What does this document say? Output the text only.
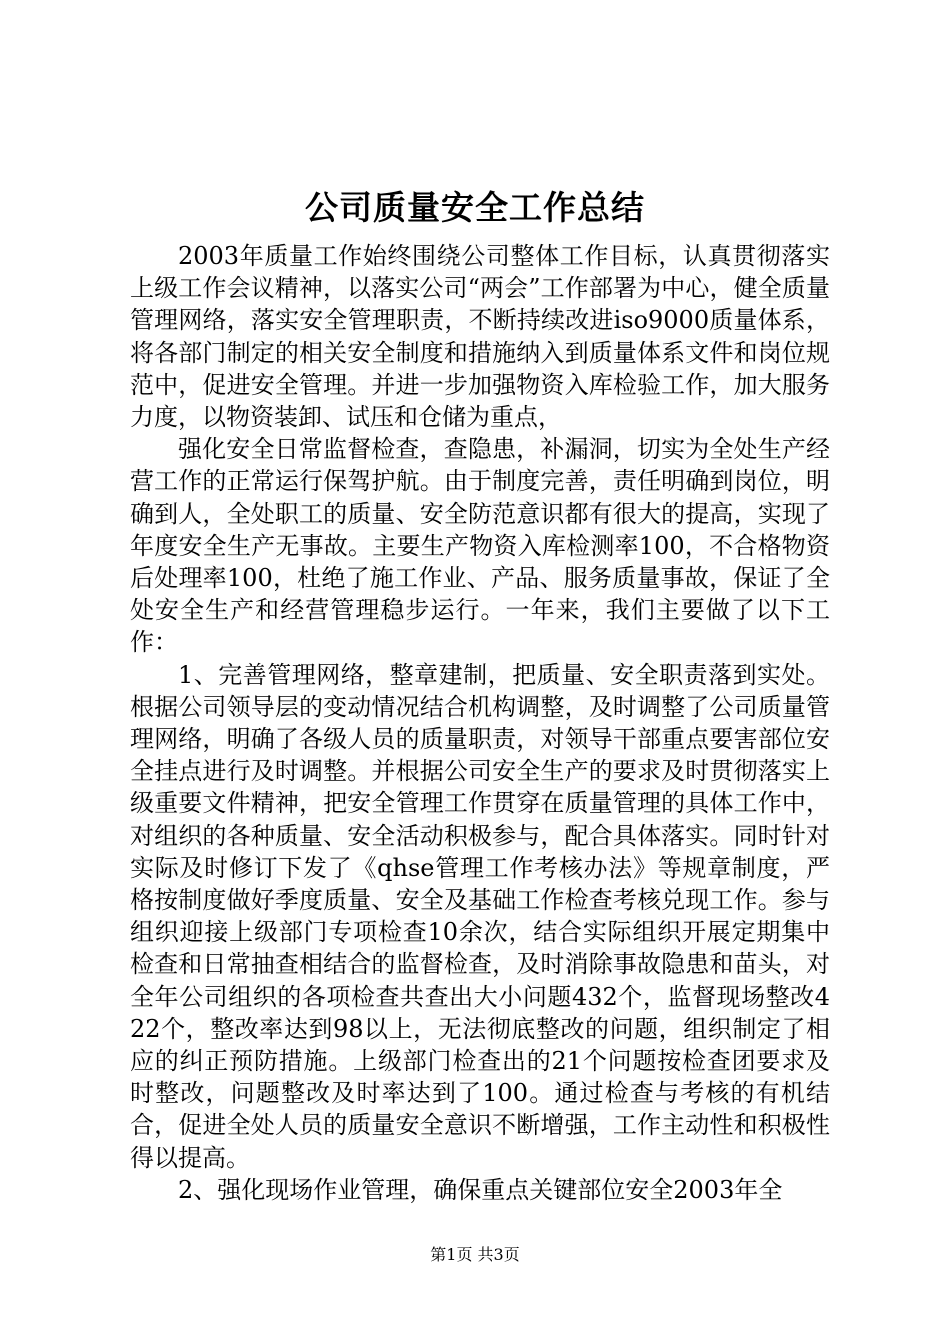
公司质量安全工作总结

2003年质量工作始终围绕公司整体工作目标，认真贯彻落实上级工作会议精神，以落实公司“两会”工作部署为中心，健全质量管理网络，落实安全管理职责，不断持续改进iso9000质量体系，将各部门制定的相关安全制度和措施纳入到质量体系文件和岗位规范中，促进安全管理。并进一步加强物资入库检验工作，加大服务力度，以物资装卸、试压和仓储为重点，

强化安全日常监督检查，查隐患，补漏洞，切实为全处生产经营工作的正常运行保驾护航。由于制度完善，责任明确到岗位，明确到人，全处职工的质量、安全防范意识都有很大的提高，实现了年度安全生产无事故。主要生产物资入库检测率100，不合格物资后处理率100，杜绝了施工作业、产品、服务质量事故，保证了全处安全生产和经营管理稳步运行。一年来，我们主要做了以下工作：

1、完善管理网络，整章建制，把质量、安全职责落到实处。根据公司领导层的变动情况结合机构调整，及时调整了公司质量管理网络，明确了各级人员的质量职责，对领导干部重点要害部位安全挂点进行及时调整。并根据公司安全生产的要求及时贯彻落实上级重要文件精神，把安全管理工作贯穿在质量管理的具体工作中，对组织的各种质量、安全活动积极参与，配合具体落实。同时针对实际及时修订下发了《qhse管理工作考核办法》等规章制度，严格按制度做好季度质量、安全及基础工作检查考核兑现工作。参与组织迎接上级部门专项检查10余次，结合实际组织开展定期集中检查和日常抽查相结合的监督检查，及时消除事故隐患和苗头，对全年公司组织的各项检查共查出大小问题432个，监督现场整改422个，整改率达到98以上，无法彻底整改的问题，组织制定了相应的纠正预防措施。上级部门检查出的21个问题按检查团要求及时整改，问题整改及时率达到了100。通过检查与考核的有机结合，促进全处人员的质量安全意识不断增强，工作主动性和积极性得以提高。

2、强化现场作业管理，确保重点关键部位安全2003年全

第1页 共3页
